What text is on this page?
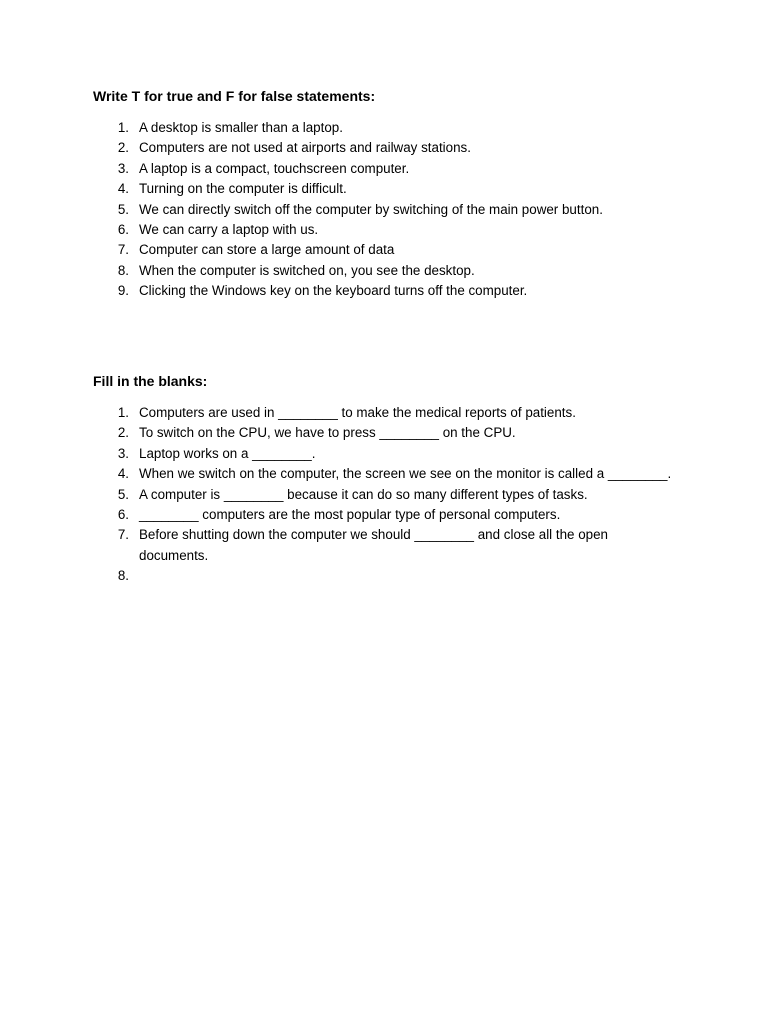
Write T for true and F for false statements:
1. A desktop is smaller than a laptop.
2. Computers are not used at airports and railway stations.
3. A laptop is a compact, touchscreen computer.
4. Turning on the computer is difficult.
5. We can directly switch off the computer by switching of the main power button.
6. We can carry a laptop with us.
7. Computer can store a large amount of data
8. When the computer is switched on, you see the desktop.
9. Clicking the Windows key on the keyboard turns off the computer.
Fill in the blanks:
1. Computers are used in ________ to make the medical reports of patients.
2. To switch on the CPU, we have to press ________ on the CPU.
3. Laptop works on a ________.
4. When we switch on the computer, the screen we see on the monitor is called a ________.
5. A computer is ________ because it can do so many different types of tasks.
6. ________ computers are the most popular type of personal computers.
7. Before shutting down the computer we should ________ and close all the open documents.
8.
